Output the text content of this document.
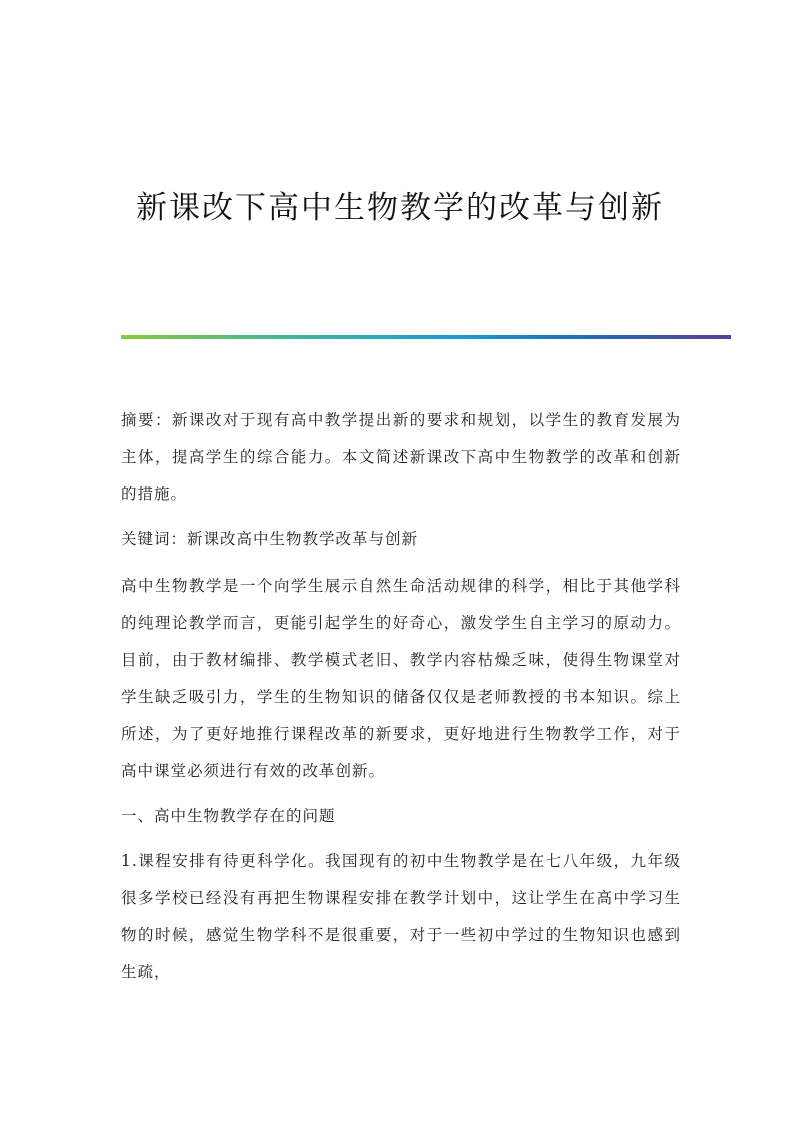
新课改下高中生物教学的改革与创新

摘要：新课改对于现有高中教学提出新的要求和规划，以学生的教育发展为主体，提高学生的综合能力。本文简述新课改下高中生物教学的改革和创新的措施。

关键词：新课改高中生物教学改革与创新

高中生物教学是一个向学生展示自然生命活动规律的科学，相比于其他学科的纯理论教学而言，更能引起学生的好奇心，激发学生自主学习的原动力。目前，由于教材编排、教学模式老旧、教学内容枯燥乏味，使得生物课堂对学生缺乏吸引力，学生的生物知识的储备仅仅是老师教授的书本知识。综上所述，为了更好地推行课程改革的新要求，更好地进行生物教学工作，对于高中课堂必须进行有效的改革创新。

一、高中生物教学存在的问题

1.课程安排有待更科学化。我国现有的初中生物教学是在七八年级，九年级很多学校已经没有再把生物课程安排在教学计划中，这让学生在高中学习生物的时候，感觉生物学科不是很重要，对于一些初中学过的生物知识也感到生疏，
